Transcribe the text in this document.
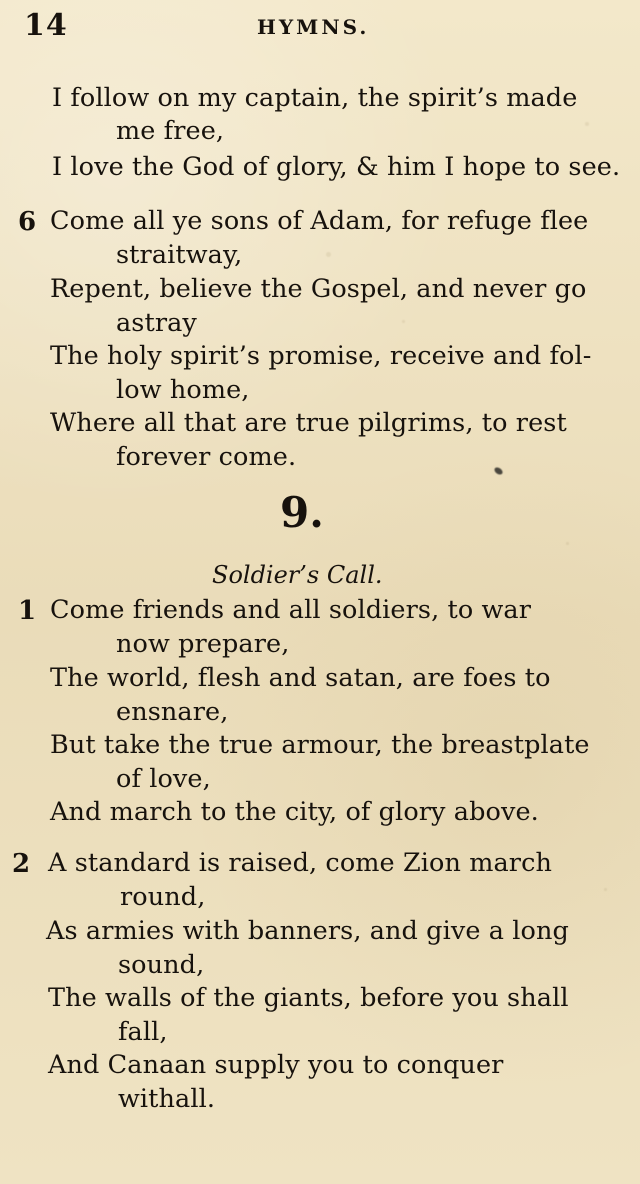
14	HYMNS.
I follow on my captain, the spirit’s made
me free,
I love the God of glory, & him I hope to see.
6 Come all ye sons of Adam, for refuge flee
straitway,
Repent, believe the Gospel, and never go
astray
The holy spirit’s promise, receive and fol-
low home,
Where all that are true pilgrims, to rest
forever come.
9.
Soldier’s Call.
1 Come friends and all soldiers, to war
now prepare,
The world, flesh and satan, are foes to
ensnare,
But take the true armour, the breastplate
of love,
And march to the city, of glory above.
2 A standard is raised, come Zion march
round,
As armies with banners, and give a long
sound,
The walls of the giants, before you shall
fall,
And Canaan supply you to conquer
withall.
